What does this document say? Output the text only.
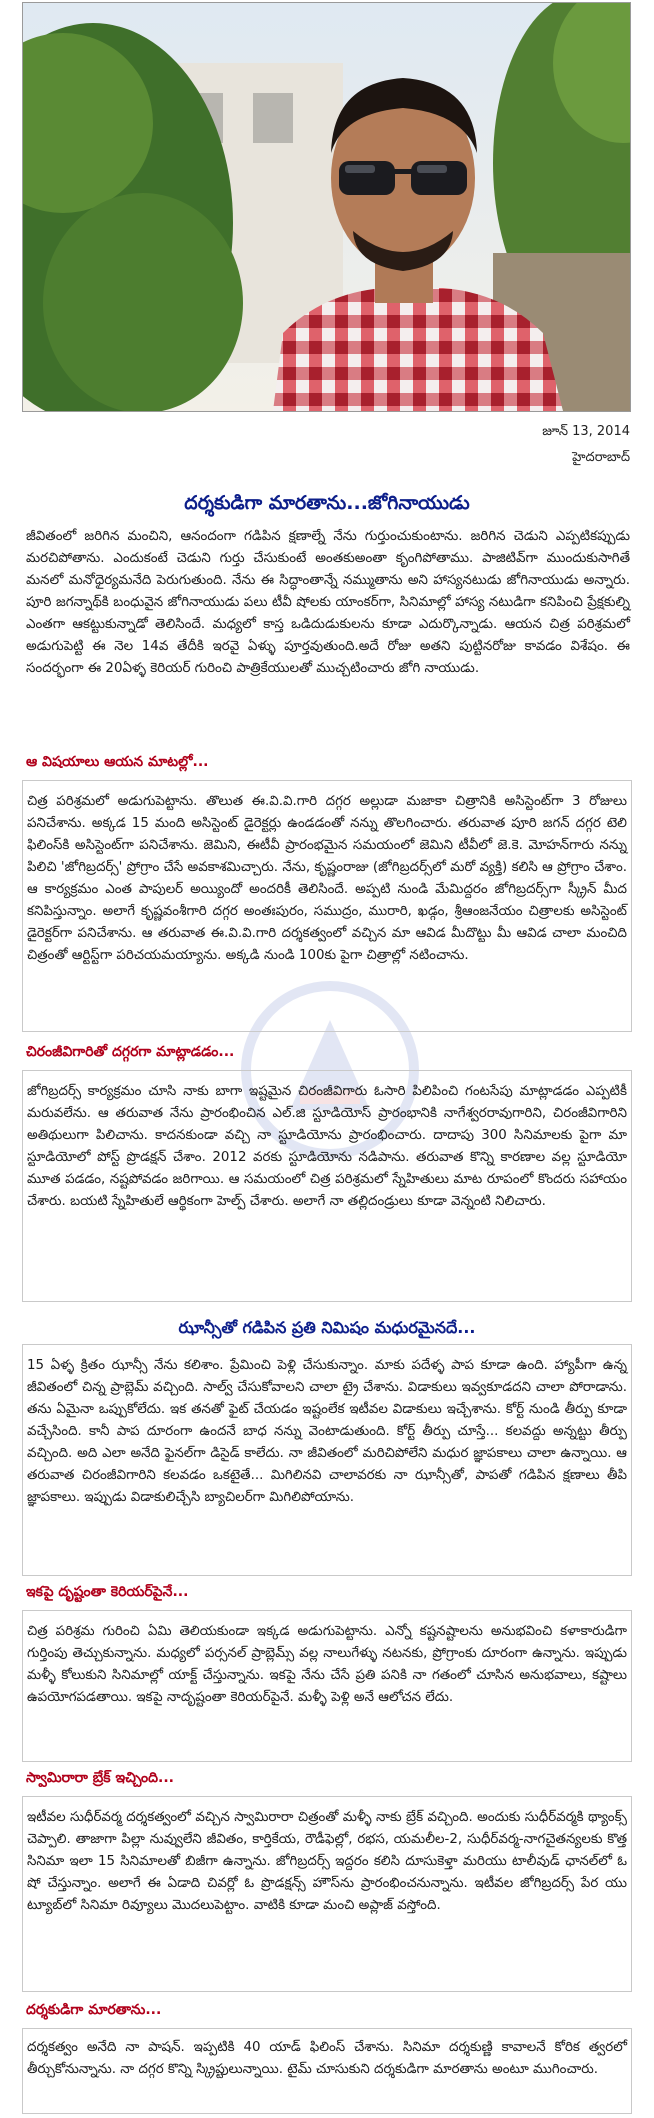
జూన్ 13, 2014
హైదరాబాద్
దర్శకుడిగా మారతాను...జోగినాయుడు

జీవితంలో జరిగిన మంచిని, ఆనందంగా గడిపిన క్షణాల్నే నేను గుర్తుంచుకుంటాను. జరిగిన చెడుని ఎప్పటికప్పుడు మరచిపోతాను. ఎందుకంటే చెడుని గుర్తు చేసుకుంటే అంతకుఅంతా కృంగిపోతాము. పాజిటివ్‌గా ముందుకుసాగితే మనలో మనోధైర్యమనేది పెరుగుతుంది. నేను ఈ సిద్ధాంతాన్నే నమ్ముతాను అని హాస్యనటుడు జోగినాయుడు అన్నారు. పూరి జగన్నాథ్‌కి బంధువైన జోగినాయుడు పలు టీవీ షోలకు యాంకర్‌గా, సినిమాల్లో హాస్య నటుడిగా కనిపించి ప్రేక్షకుల్ని ఎంతగా ఆకట్టుకున్నాడో తెలిసిందే. మధ్యలో కాస్త ఒడిదుడుకులను కూడా ఎదుర్కొన్నాడు. ఆయన చిత్ర పరిశ్రమలో అడుగుపెట్టి ఈ నెల 14వ తేదీకి ఇరవై ఏళ్ళు పూర్తవుతుంది.అదే రోజు అతని పుట్టినరోజు కావడం విశేషం. ఈ సందర్భంగా ఈ 20ఏళ్ళ కెరియర్ గురించి పాత్రికేయులతో ముచ్చటించారు జోగి నాయుడు.

ఆ విషయాలు ఆయన మాటల్లో...

చిత్ర పరిశ్రమలో అడుగుపెట్టాను. తొలుత ఈ.వి.వి.గారి దగ్గర అల్లుడా మజాకా చిత్రానికి అసిస్టెంట్‌గా 3 రోజులు పనిచేశాను. అక్కడ 15 మంది అసిస్టెంట్ డైరెక్టర్లు ఉండడంతో నన్ను తొలగించారు. తరువాత పూరి జగన్ దగ్గర టెలి ఫిలింస్‌కి అసిస్టెంట్‌గా పనిచేశాను. జెమిని, ఈటీవీ ప్రారంభమైన సమయంలో జెమిని టీవీలో జె.కె. మోహన్‌గారు నన్ను పిలిచి 'జోగిబ్రదర్స్' ప్రోగ్రాం చేసే అవకాశమిచ్చారు. నేను, కృష్ణంరాజు (జోగిబ్రదర్స్‌లో మరో వ్యక్తి) కలిసి ఆ ప్రోగ్రాం చేశాం. ఆ కార్యక్రమం ఎంత పాపులర్ అయ్యిందో అందరికీ తెలిసిందే. అప్పటి నుండి మేమిద్దరం జోగిబ్రదర్స్‌గా స్క్రీన్ మీద కనిపిస్తున్నాం. అలాగే కృష్ణవంశీగారి దగ్గర అంతఃపురం, సముద్రం, మురారి, ఖడ్గం, శ్రీఆంజనేయం చిత్రాలకు అసిస్టెంట్ డైరెక్టర్‌గా పనిచేశాను. ఆ తరువాత ఈ.వి.వి.గారి దర్శకత్వంలో వచ్చిన మా ఆవిడ మీదొట్టు మీ ఆవిడ చాలా మంచిది చిత్రంతో ఆర్టిస్ట్‌గా పరిచయమయ్యాను. అక్కడి నుండి 100కు పైగా చిత్రాల్లో నటించాను.

చిరంజీవిగారితో దగ్గరగా మాట్లాడడం...

జోగిబ్రదర్స్ కార్యక్రమం చూసి నాకు బాగా ఇష్టమైన చిరంజీవిగారు ఓసారి పిలిపించి గంటసేపు మాట్లాడడం ఎప్పటికీ మరువలేను. ఆ తరువాత నేను ప్రారంభించిన ఎల్.జి స్టూడియోస్ ప్రారంభానికి నాగేశ్వరరావుగారిని, చిరంజీవిగారిని అతిథులుగా పిలిచాను. కాదనకుండా వచ్చి నా స్టూడియోను ప్రారంభించారు. దాదాపు 300 సినిమాలకు పైగా మా స్టూడియోలో పోస్ట్ ప్రొడక్షన్ చేశాం. 2012 వరకు స్టూడియోను నడిపాను. తరువాత కొన్ని కారణాల వల్ల స్టూడియో మూత పడడం, నష్టపోవడం జరిగాయి. ఆ సమయంలో చిత్ర పరిశ్రమలో స్నేహితులు మాట రూపంలో కొందరు సహాయం చేశారు. బయటి స్నేహితులే ఆర్థికంగా హెల్ప్ చేశారు. అలాగే నా తల్లిదండ్రులు కూడా వెన్నంటి నిలిచారు.

ఝాన్సీతో గడిపిన ప్రతి నిమిషం మధురమైనదే...

15 ఏళ్ళ క్రితం ఝాన్సీ నేను కలిశాం. ప్రేమించి పెళ్లి చేసుకున్నాం. మాకు పదేళ్ళ పాప కూడా ఉంది. హ్యాపీగా ఉన్న జీవితంలో చిన్న ప్రాబ్లెమ్ వచ్చింది. సాల్వ్ చేసుకోవాలని చాలా ట్రై చేశాను. విడాకులు ఇవ్వకూడదని చాలా పోరాడాను. తను ఏమైనా ఒప్పుకోలేదు. ఇక తనతో ఫైట్ చేయడం ఇష్టంలేక ఇటీవల విడాకులు ఇచ్చేశాను. కోర్ట్ నుండి తీర్పు కూడా వచ్చేసింది. కానీ పాప దూరంగా ఉందనే బాధ నన్ను వెంటాడుతుంది. కోర్ట్ తీర్పు చూస్తే... కలవద్దు అన్నట్టు తీర్పు వచ్చింది. అది ఎలా అనేది ఫైనల్‌గా డిసైడ్ కాలేదు. నా జీవితంలో మరిచిపోలేని మధుర జ్ఞాపకాలు చాలా ఉన్నాయి. ఆ తరువాత చిరంజీవిగారిని కలవడం ఒకటైతే... మిగిలినవి చాలావరకు నా ఝాన్సీతో, పాపతో గడిపిన క్షణాలు తీపి జ్ఞాపకాలు. ఇప్పుడు విడాకులిచ్చేసి బ్యాచిలర్‌గా మిగిలిపోయాను.

ఇకపై దృష్టంతా కెరియర్‌పైనే...

చిత్ర పరిశ్రమ గురించి ఏమి తెలియకుండా ఇక్కడ అడుగుపెట్టాను. ఎన్నో కష్టనష్టాలను అనుభవించి కళాకారుడిగా గుర్తింపు తెచ్చుకున్నాను. మధ్యలో పర్సనల్ ప్రాబ్లెమ్స్ వల్ల నాలుగేళ్ళు నటనకు, ప్రోగ్రాంకు దూరంగా ఉన్నాను. ఇప్పుడు మళ్ళీ కోలుకుని సినిమాల్లో యాక్ట్ చేస్తున్నాను. ఇకపై నేను చేసే ప్రతి పనికి నా గతంలో చూసిన అనుభవాలు, కష్టాలు ఉపయోగపడతాయి. ఇకపై నాదృష్టంతా కెరియర్‌పైనే. మళ్ళీ పెళ్లి అనే ఆలోచన లేదు.

స్వామిరారా బ్రేక్ ఇచ్చింది...

ఇటీవల సుధీర్‌వర్మ దర్శకత్వంలో వచ్చిన స్వామిరారా చిత్రంతో మళ్ళీ నాకు బ్రేక్ వచ్చింది. అందుకు సుధీర్‌వర్మకి థ్యాంక్స్ చెప్పాలి. తాజాగా పిల్లా నువ్వులేని జీవితం, కార్తికేయ, రౌడీఫెల్లో, రభస, యమలీల-2, సుధీర్‌వర్మ-నాగచైతన్యలకు కొత్త సినిమా ఇలా 15 సినిమాలతో బిజీగా ఉన్నాను. జోగిబ్రదర్స్ ఇద్దరం కలిసి దూసుకెళ్తా మరియు టాలీవుడ్ ఛానల్‌లో ఓ షో చేస్తున్నాం. అలాగే ఈ ఏడాది చివర్లో ఓ ప్రొడక్షన్స్ హౌస్‌ను ప్రారంభించనున్నాను. ఇటీవల జోగిబ్రదర్స్ పేర యు ట్యూబ్‌లో సినిమా రివ్యూలు మొదలుపెట్టాం. వాటికి కూడా మంచి అప్లాజ్ వస్తోంది.

దర్శకుడిగా మారతాను...

దర్శకత్వం అనేది నా పాషన్. ఇప్పటికి 40 యాడ్ ఫిలింస్ చేశాను. సినిమా దర్శకుణ్ణి కావాలనే కోరిక త్వరలో తీర్చుకోనున్నాను. నా దగ్గర కొన్ని స్క్రిప్టులున్నాయి. టైమ్ చూసుకుని దర్శకుడిగా మారతాను అంటూ ముగించారు.
